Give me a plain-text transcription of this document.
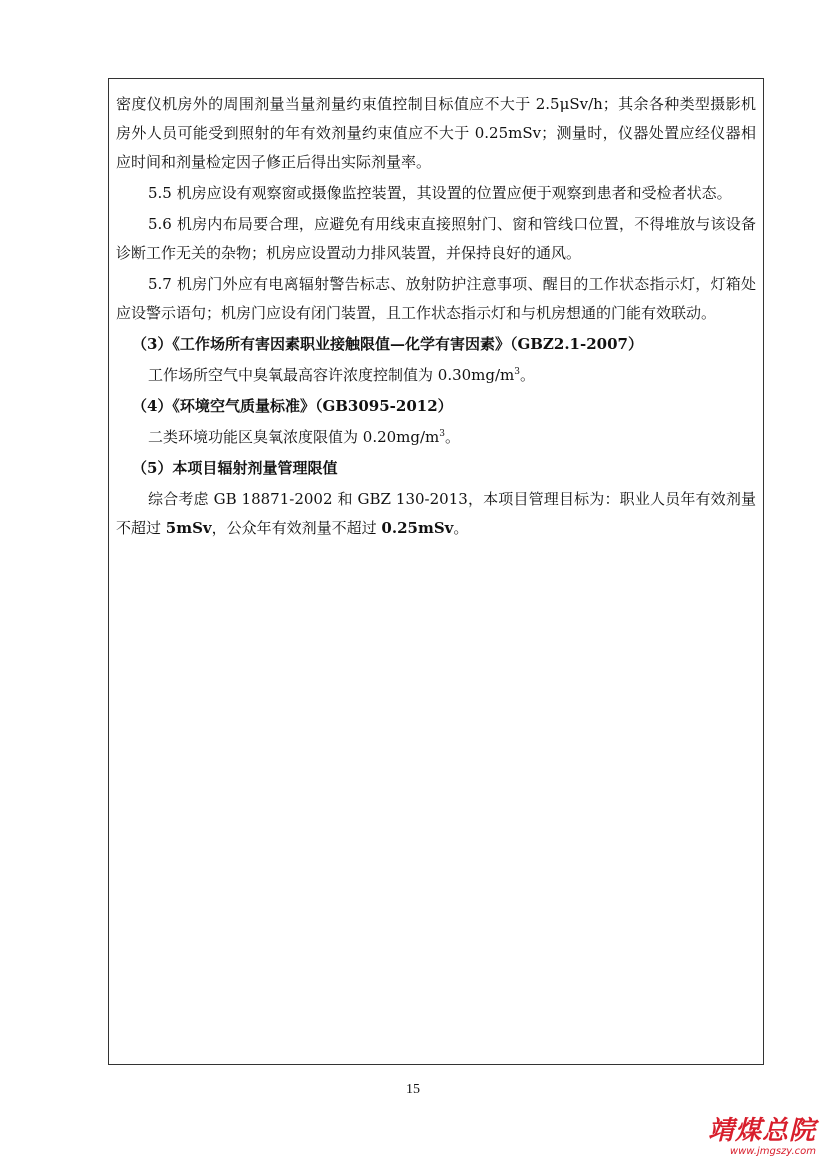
密度仪机房外的周围剂量当量剂量约束值控制目标值应不大于 2.5μSv/h；其余各种类型摄影机房外人员可能受到照射的年有效剂量约束值应不大于 0.25mSv；测量时，仪器处置应经仪器相应时间和剂量检定因子修正后得出实际剂量率。

5.5 机房应设有观察窗或摄像监控装置，其设置的位置应便于观察到患者和受检者状态。

5.6 机房内布局要合理，应避免有用线束直接照射门、窗和管线口位置，不得堆放与该设备诊断工作无关的杂物；机房应设置动力排风装置，并保持良好的通风。

5.7 机房门外应有电离辐射警告标志、放射防护注意事项、醒目的工作状态指示灯，灯箱处应设警示语句；机房门应设有闭门装置，且工作状态指示灯和与机房想通的门能有效联动。

（3）《工作场所有害因素职业接触限值—化学有害因素》（GBZ2.1-2007）

工作场所空气中臭氧最高容许浓度控制值为 $0.30mg/m^3$。

（4）《环境空气质量标准》（GB3095-2012）

二类环境功能区臭氧浓度限值为 $0.20mg/m^3$。

（5）本项目辐射剂量管理限值

综合考虑 GB 18871-2002 和 GBZ 130-2013，本项目管理目标为：职业人员年有效剂量不超过 5mSv，公众年有效剂量不超过 0.25mSv。

15
靖煤总院
www.jmgszy.com
